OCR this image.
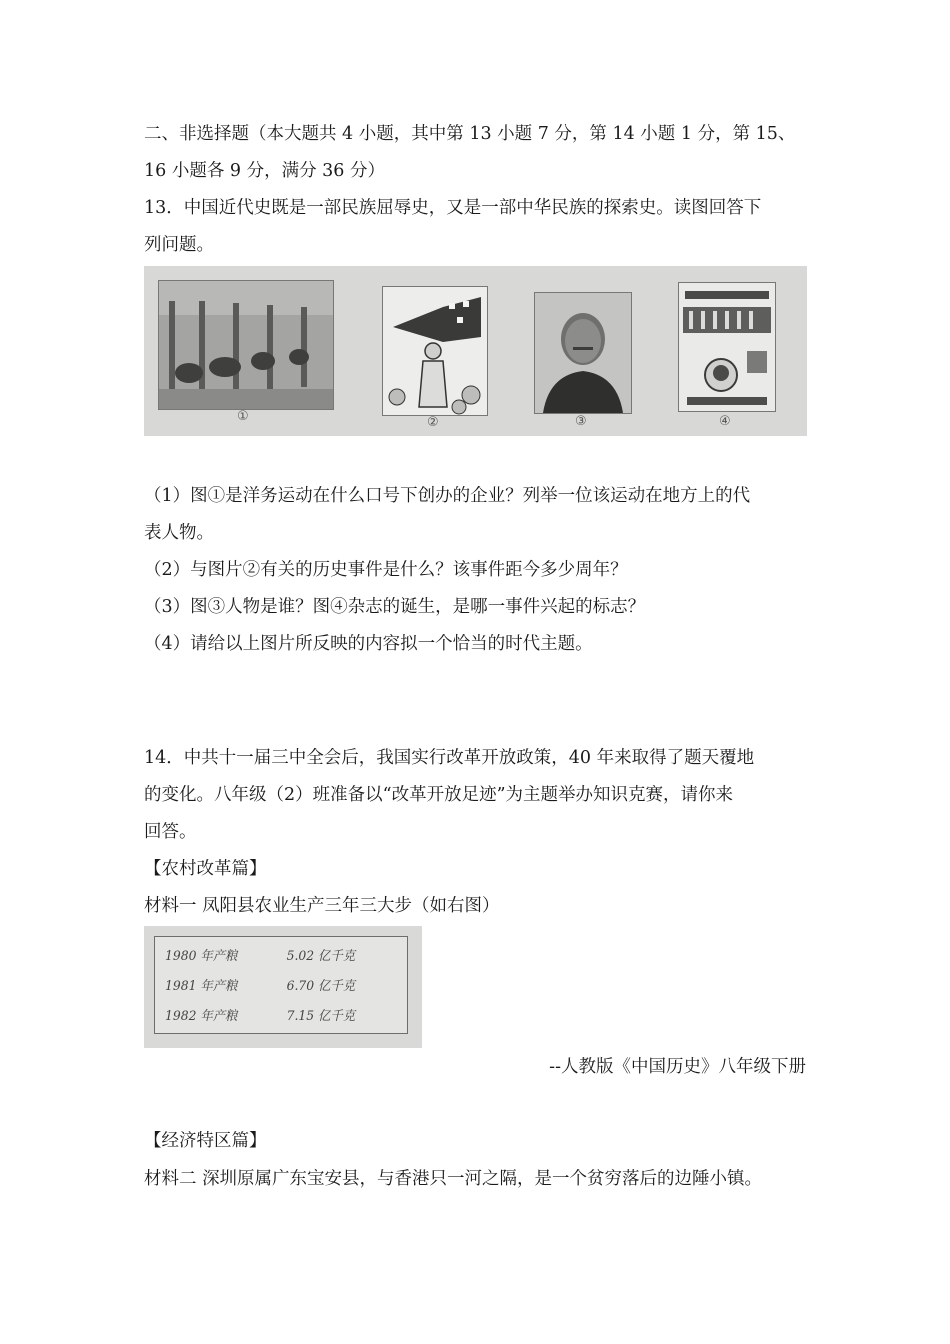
二、非选择题（本大题共 4 小题，其中第 13 小题 7 分，第 14 小题 1 分，第 15、
16 小题各 9 分，满分 36 分）
13．中国近代史既是一部民族屈辱史，又是一部中华民族的探索史。读图回答下
列问题。
①	②	③	④
（1）图①是洋务运动在什么口号下创办的企业？列举一位该运动在地方上的代
表人物。
（2）与图片②有关的历史事件是什么？该事件距今多少周年？
（3）图③人物是谁？图④杂志的诞生，是哪一事件兴起的标志？
（4）请给以上图片所反映的内容拟一个恰当的时代主题。
14．中共十一届三中全会后，我国实行改革开放政策，40 年来取得了题天覆地
的变化。八年级（2）班准备以“改革开放足迹”为主题举办知识克赛，请你来
回答。
【农村改革篇】
材料一 凤阳县农业生产三年三大步（如右图）
1980 年产粮	5.02 亿千克
1981 年产粮	6.70 亿千克
1982 年产粮	7.15 亿千克
--人教版《中国历史》八年级下册
【经济特区篇】
材料二 深圳原属广东宝安县，与香港只一河之隔，是一个贫穷落后的边陲小镇。
